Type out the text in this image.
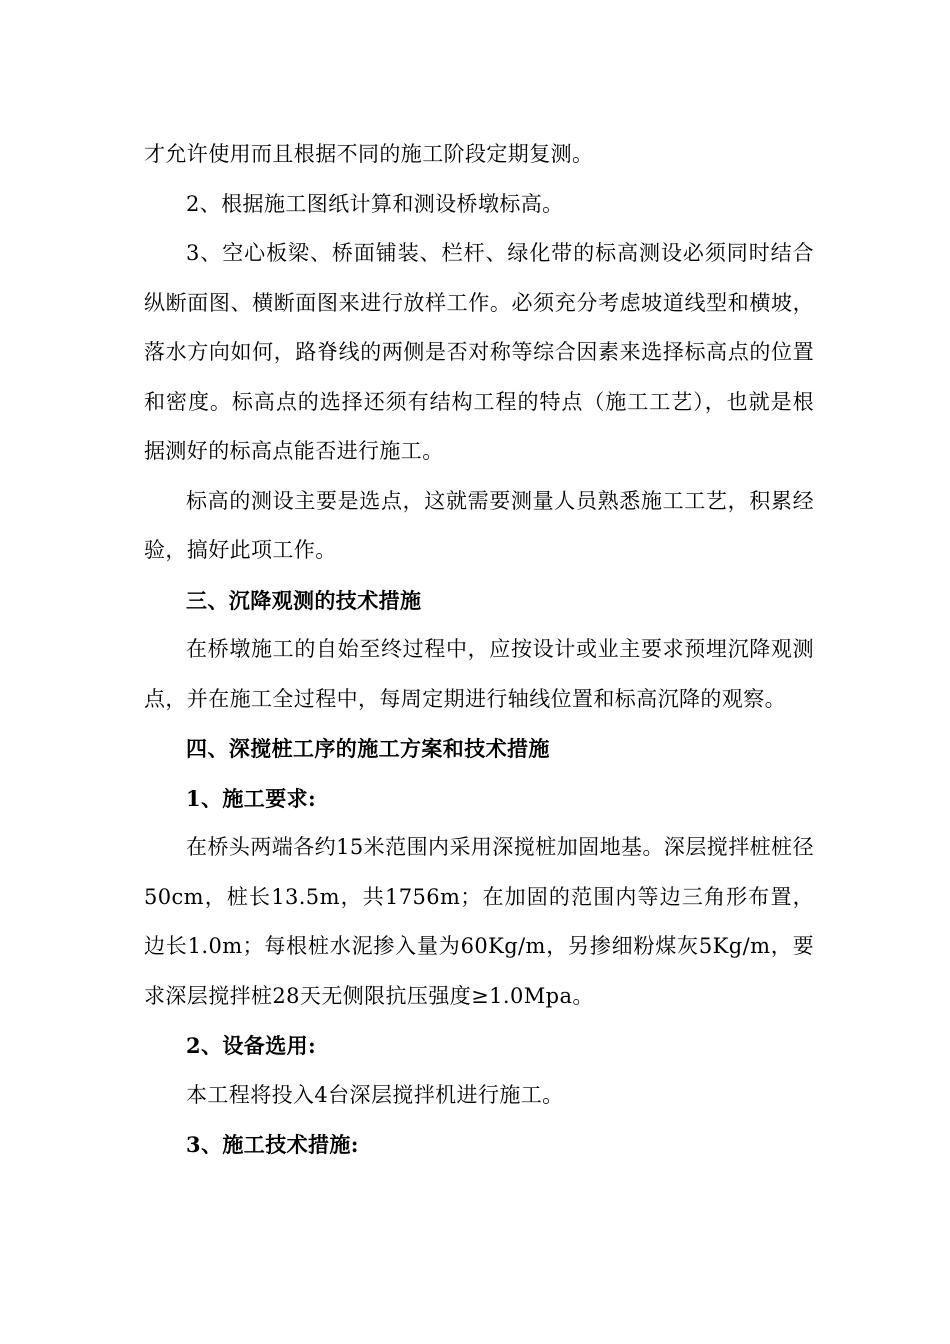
才允许使用而且根据不同的施工阶段定期复测。

2、根据施工图纸计算和测设桥墩标高。

3、空心板梁、桥面铺装、栏杆、绿化带的标高测设必须同时结合纵断面图、横断面图来进行放样工作。必须充分考虑坡道线型和横坡，落水方向如何，路脊线的两侧是否对称等综合因素来选择标高点的位置和密度。标高点的选择还须有结构工程的特点（施工工艺），也就是根据测好的标高点能否进行施工。

标高的测设主要是选点，这就需要测量人员熟悉施工工艺，积累经验，搞好此项工作。

三、沉降观测的技术措施

在桥墩施工的自始至终过程中，应按设计或业主要求预埋沉降观测点，并在施工全过程中，每周定期进行轴线位置和标高沉降的观察。

四、深搅桩工序的施工方案和技术措施

1、施工要求:

在桥头两端各约15米范围内采用深搅桩加固地基。深层搅拌桩桩径50cm，桩长13.5m，共1756m；在加固的范围内等边三角形布置，边长1.0m；每根桩水泥掺入量为60Kg/m，另掺细粉煤灰5Kg/m，要求深层搅拌桩28天无侧限抗压强度≥1.0Mpa。

2、设备选用:

本工程将投入4台深层搅拌机进行施工。

3、施工技术措施:
